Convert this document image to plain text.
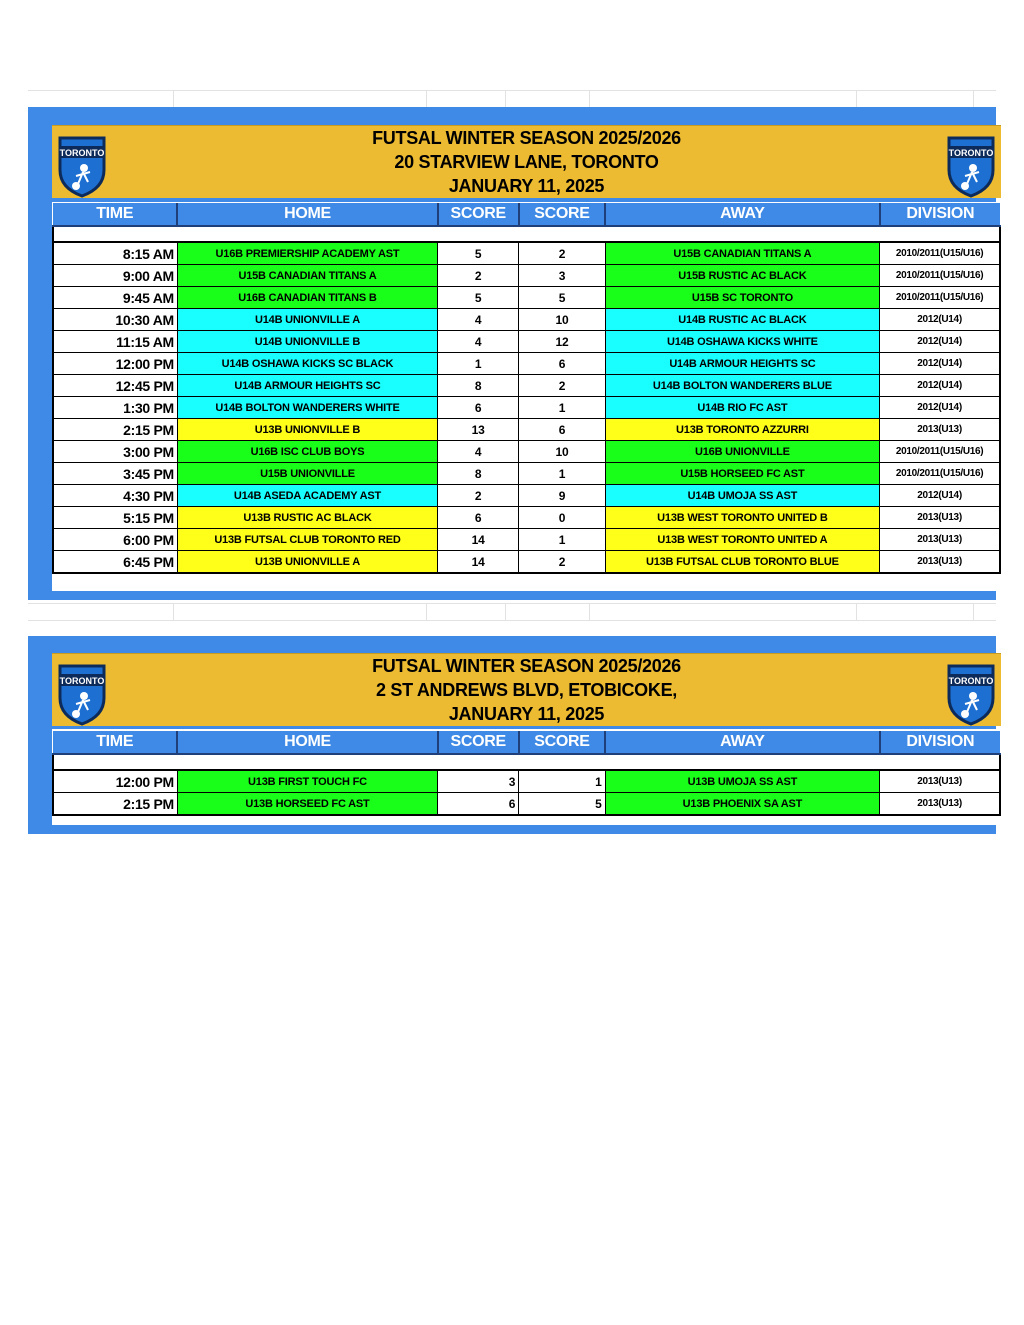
FUTSAL WINTER SEASON 2025/2026
20 STARVIEW LANE, TORONTO
JANUARY 11, 2025
TORONTO	TORONTO
TIME	HOME	SCORE	SCORE	AWAY	DIVISION

8:15 AM	U16B PREMIERSHIP ACADEMY AST	5	2	U15B CANADIAN TITANS A	2010/2011(U15/U16)
9:00 AM	U15B CANADIAN TITANS A	2	3	U15B RUSTIC AC BLACK	2010/2011(U15/U16)
9:45 AM	U16B CANADIAN TITANS B	5	5	U15B SC TORONTO	2010/2011(U15/U16)
10:30 AM	U14B UNIONVILLE A	4	10	U14B RUSTIC AC BLACK	2012(U14)
11:15 AM	U14B UNIONVILLE B	4	12	U14B OSHAWA KICKS WHITE	2012(U14)
12:00 PM	U14B OSHAWA KICKS SC BLACK	1	6	U14B ARMOUR HEIGHTS SC	2012(U14)
12:45 PM	U14B ARMOUR HEIGHTS SC	8	2	U14B BOLTON WANDERERS BLUE	2012(U14)
1:30 PM	U14B BOLTON WANDERERS WHITE	6	1	U14B RIO FC AST	2012(U14)
2:15 PM	U13B UNIONVILLE B	13	6	U13B TORONTO AZZURRI	2013(U13)
3:00 PM	U16B ISC CLUB BOYS	4	10	U16B UNIONVILLE	2010/2011(U15/U16)
3:45 PM	U15B UNIONVILLE	8	1	U15B HORSEED FC AST	2010/2011(U15/U16)
4:30 PM	U14B ASEDA ACADEMY AST	2	9	U14B UMOJA SS AST	2012(U14)
5:15 PM	U13B RUSTIC AC BLACK	6	0	U13B WEST TORONTO UNITED B	2013(U13)
6:00 PM	U13B FUTSAL CLUB TORONTO RED	14	1	U13B WEST TORONTO UNITED A	2013(U13)
6:45 PM	U13B UNIONVILLE A	14	2	U13B FUTSAL CLUB TORONTO BLUE	2013(U13)
FUTSAL WINTER SEASON 2025/2026
2 ST ANDREWS BLVD, ETOBICOKE,
JANUARY 11, 2025
TORONTO	TORONTO
TIME	HOME	SCORE	SCORE	AWAY	DIVISION

12:00 PM	U13B FIRST TOUCH FC	3	1	U13B UMOJA SS AST	2013(U13)
2:15 PM	U13B HORSEED FC AST	6	5	U13B PHOENIX SA AST	2013(U13)
